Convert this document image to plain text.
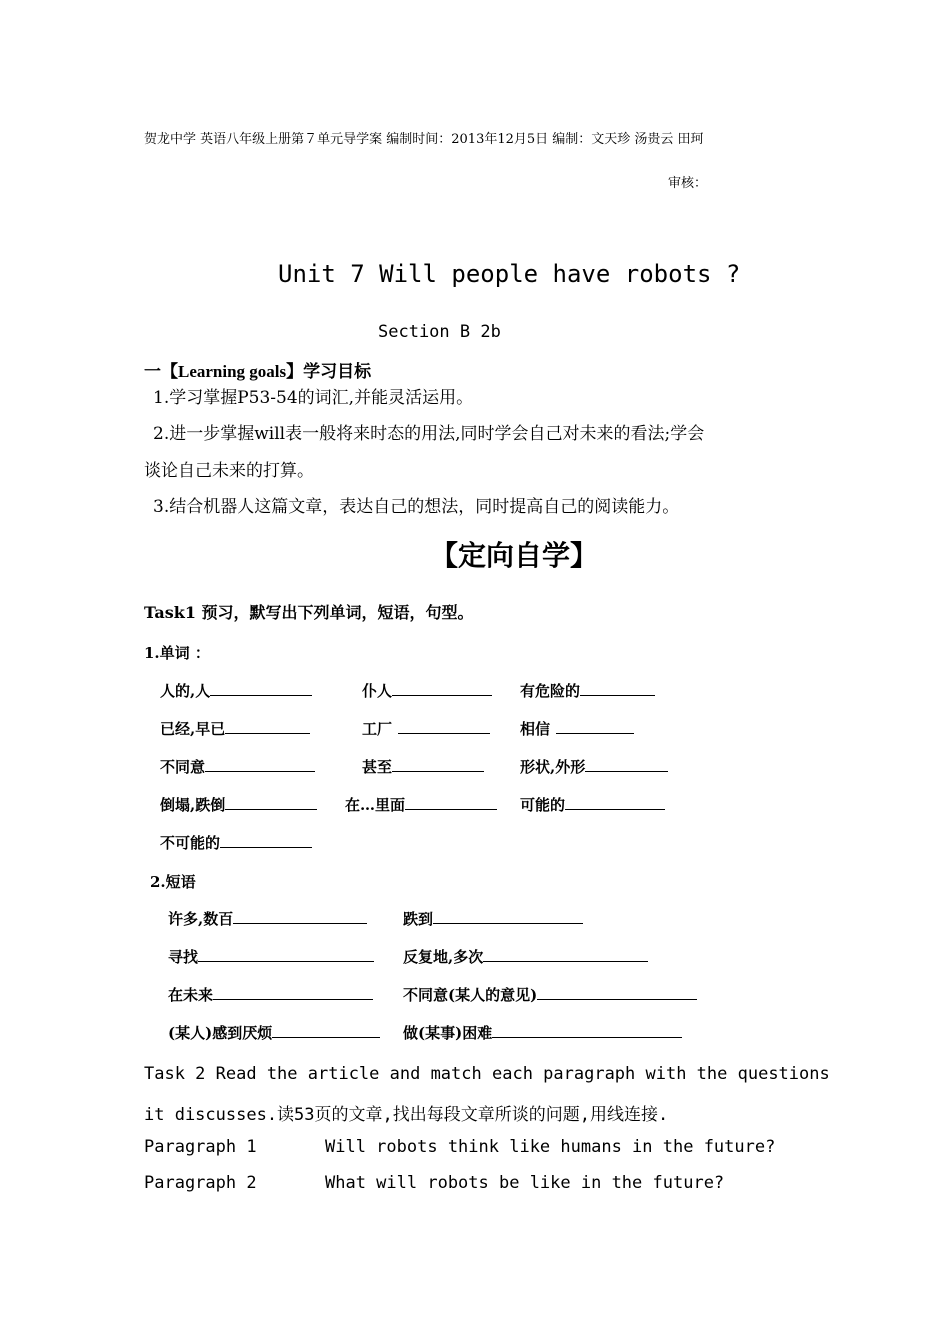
贺龙中学 英语八年级上册第７单元导学案 编制时间：2013年12月5日 编制：文天珍 汤贵云 田珂
审核：
Unit 7 Will people have robots ?
Section B 2b
一【Learning goals】学习目标
1.学习掌握P53-54的词汇,并能灵活运用。
2.进一步掌握will表一般将来时态的用法,同时学会自己对未来的看法;学会
谈论自己未来的打算。
3.结合机器人这篇文章，表达自己的想法，同时提高自己的阅读能力。
【定向自学】
Task1 预习，默写出下列单词，短语，句型。
1.单词 ：
人的,人	仆人	有危险的
已经,早已	工厂	相信
不同意	甚至	形状,外形
倒塌,跌倒	在…里面	可能的
不可能的
2.短语
许多,数百	跌到
寻找	反复地,多次
在未来	不同意(某人的意见)
(某人)感到厌烦	做(某事)困难
Task 2 Read the article and match each paragraph with the questions
it discusses.读53页的文章,找出每段文章所谈的问题,用线连接.
Paragraph 1	Will robots think like humans in the future?
Paragraph 2	What will robots be like in the future?
